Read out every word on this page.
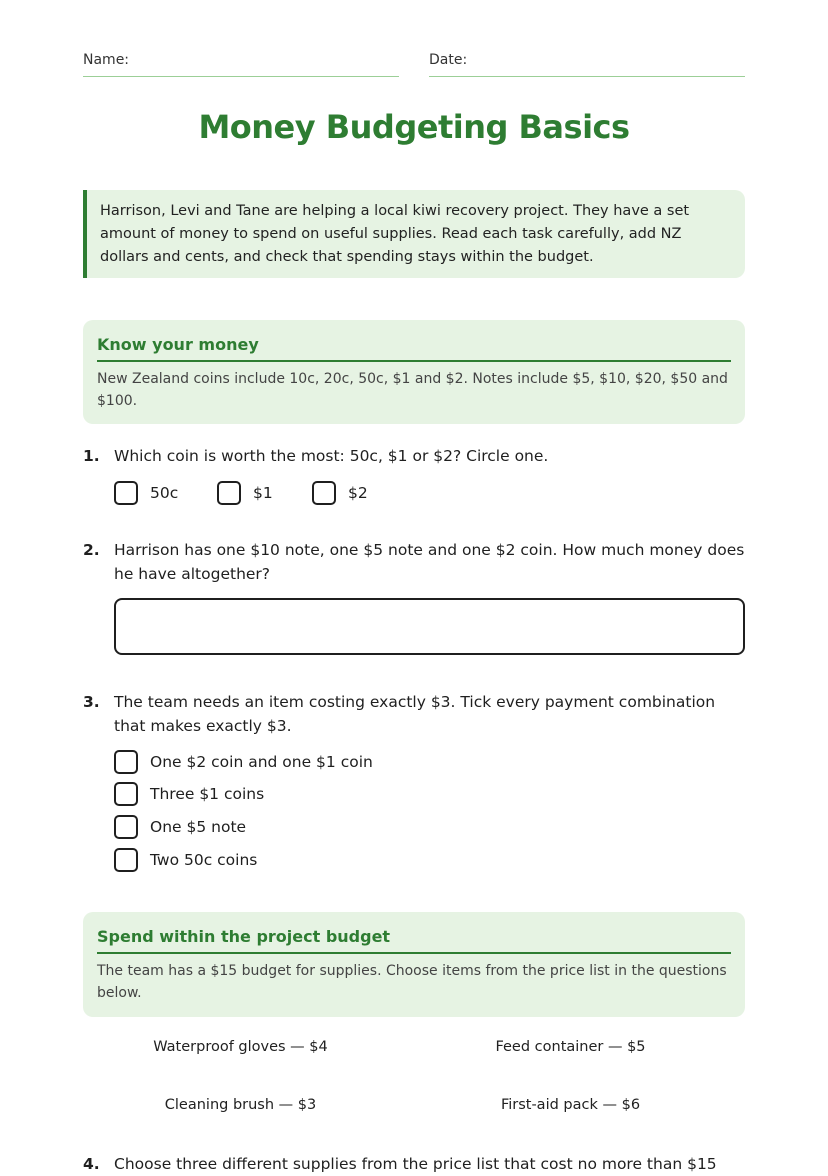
Name:	Date:
Money Budgeting Basics
Harrison, Levi and Tane are helping a local kiwi recovery project. They have a set amount of money to spend on useful supplies. Read each task carefully, add NZ dollars and cents, and check that spending stays within the budget.
Know your money
New Zealand coins include 10c, 20c, 50c, $1 and $2. Notes include $5, $10, $20, $50 and $100.
1. Which coin is worth the most: 50c, $1 or $2? Circle one.
50c	$1	$2
2. Harrison has one $10 note, one $5 note and one $2 coin. How much money does he have altogether?
3. The team needs an item costing exactly $3. Tick every payment combination that makes exactly $3.
One $2 coin and one $1 coin
Three $1 coins
One $5 note
Two 50c coins
Spend within the project budget
The team has a $15 budget for supplies. Choose items from the price list in the questions below.
Waterproof gloves — $4	Feed container — $5
Cleaning brush — $3	First-aid pack — $6
4. Choose three different supplies from the price list that cost no more than $15
